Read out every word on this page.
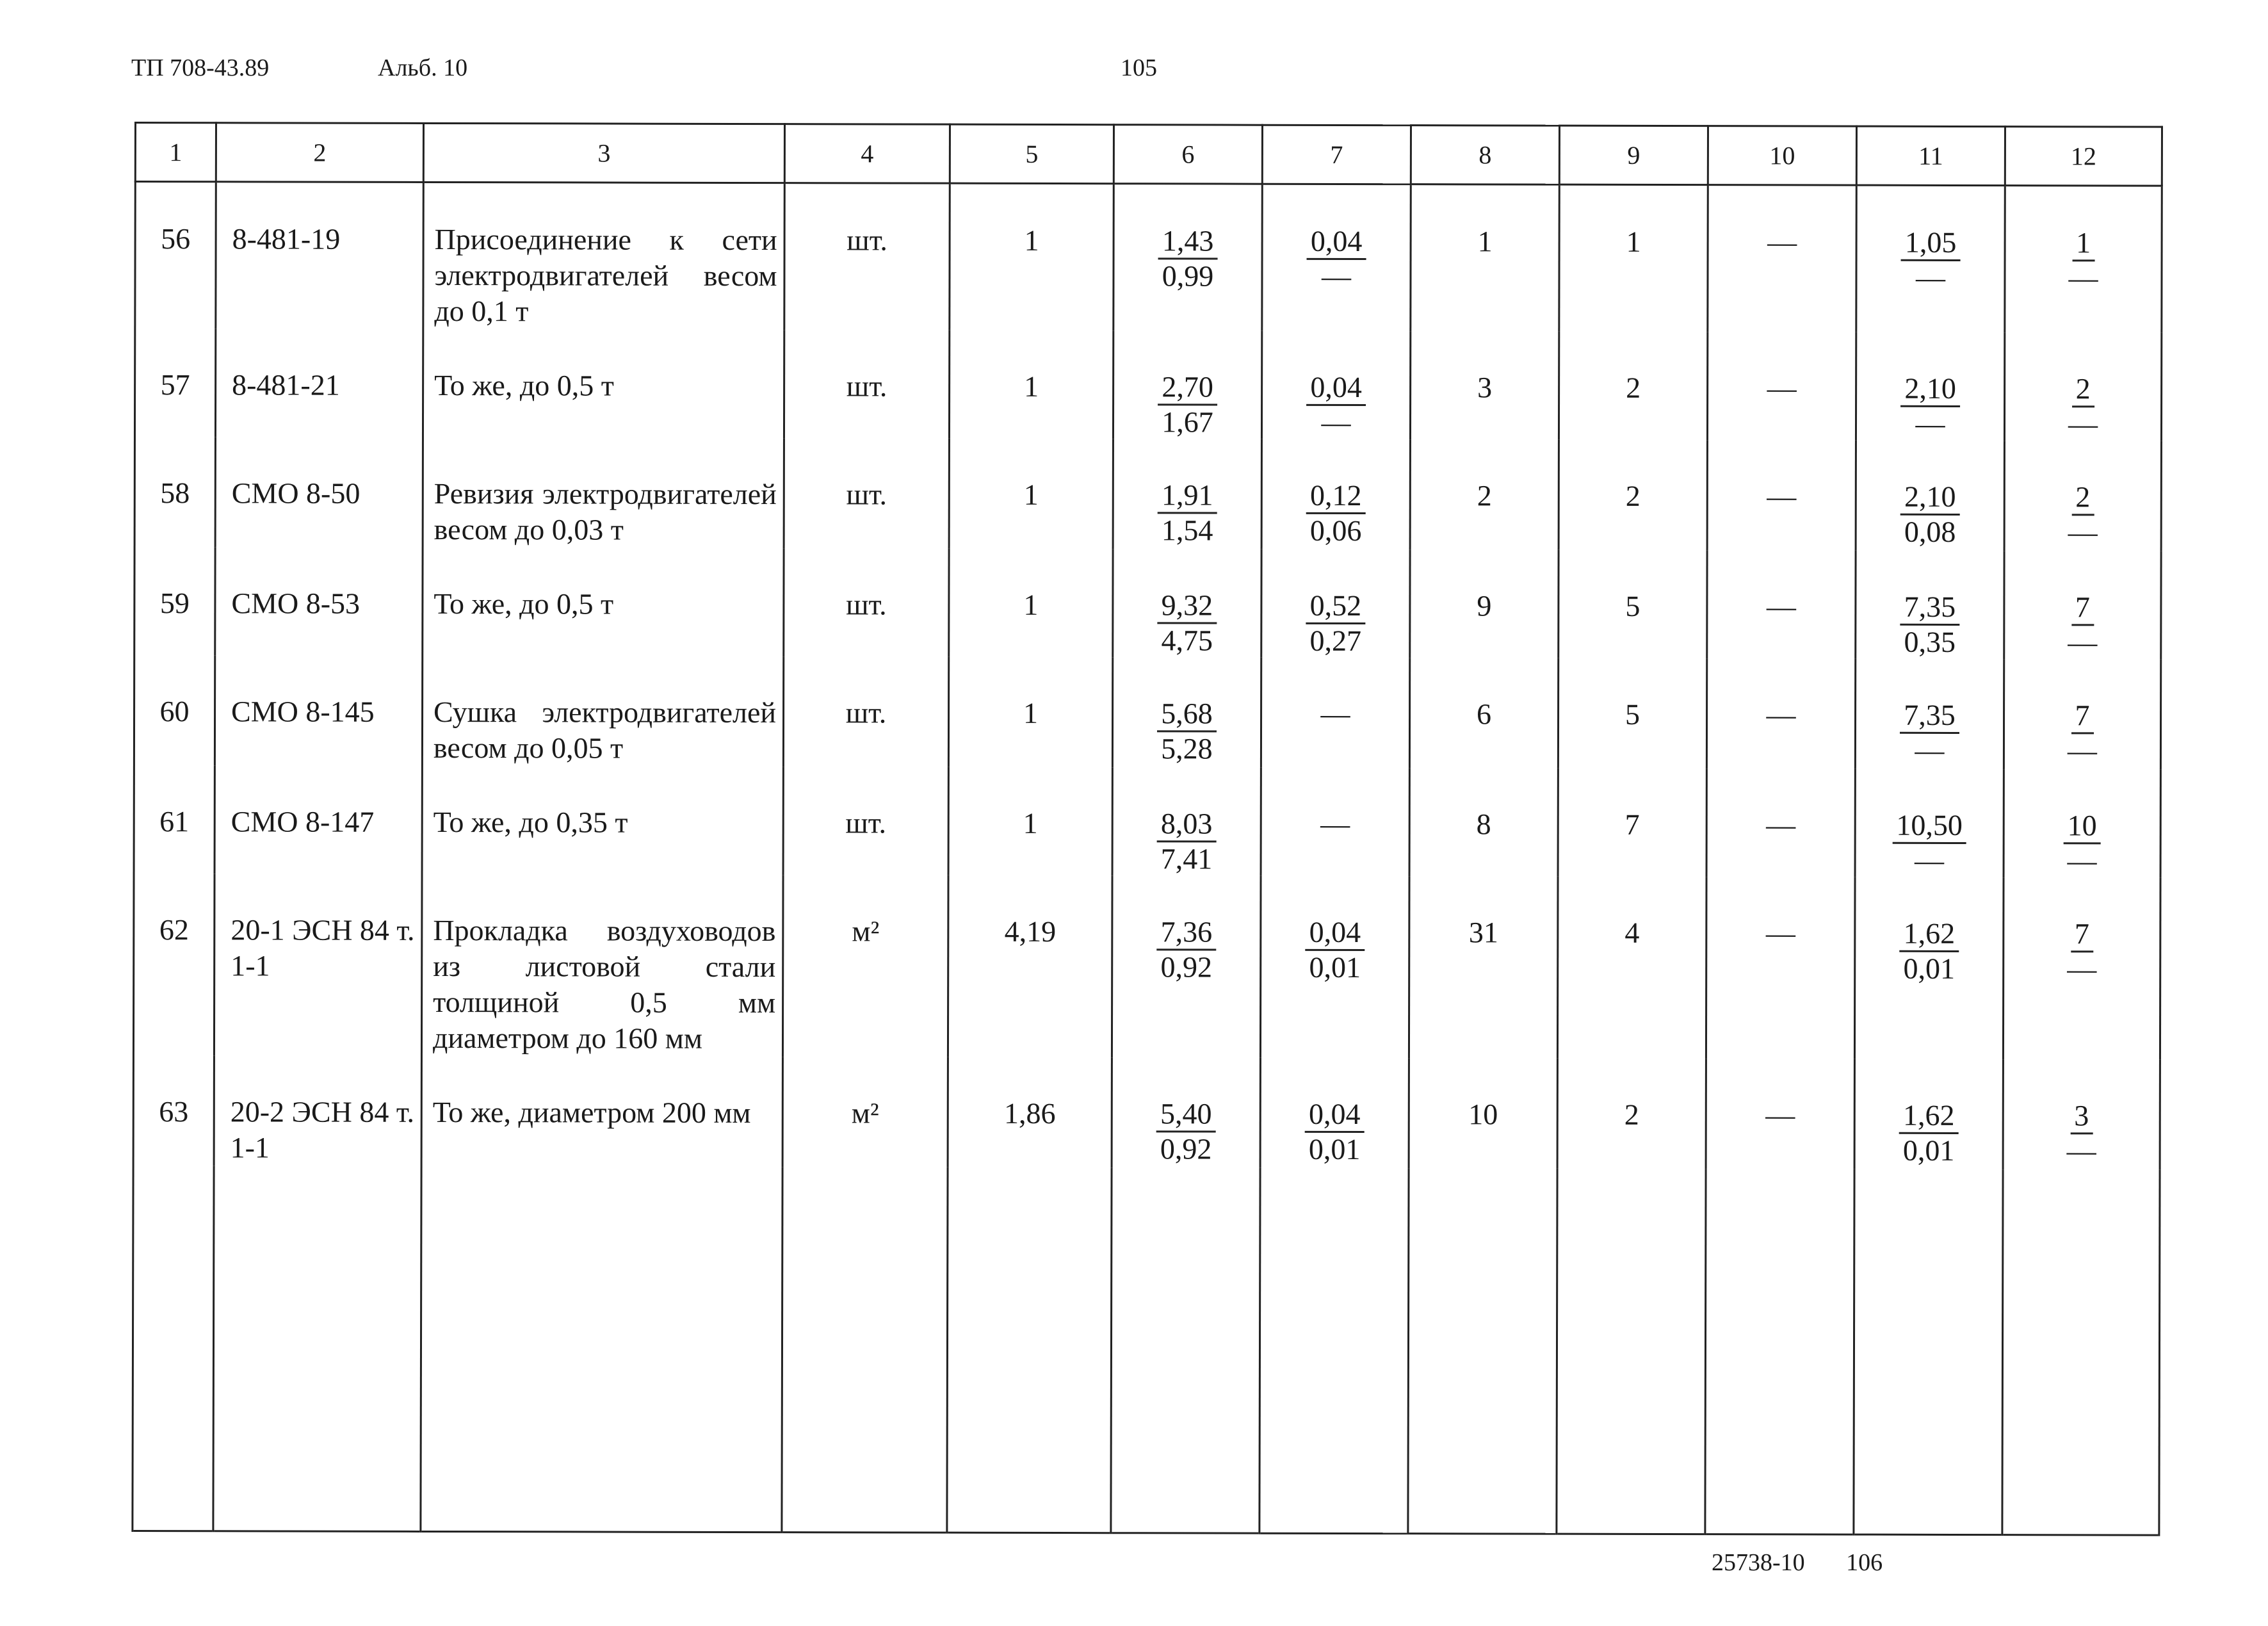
ТП 708-43.89	Альб. 10	105
1	2	3	4	5	6	7	8	9	10	11	12
56	8-481-19	Присоединение к сети электродвигателей весом до 0,1 т	шт.	1	$\frac{1,43}{0,99}$	$\frac{0,04}{—}$	1	1	—	$\frac{1,05}{—}$	$\frac{1}{—}$

57	8-481-21	То же, до 0,5 т	шт.	1	$\frac{2,70}{1,67}$	$\frac{0,04}{—}$	3	2	—	$\frac{2,10}{—}$	$\frac{2}{—}$

58	СМО 8-50	Ревизия электродвигателей весом до 0,03 т	шт.	1	$\frac{1,91}{1,54}$	$\frac{0,12}{0,06}$	2	2	—	$\frac{2,10}{0,08}$	$\frac{2}{—}$

59	СМО 8-53	То же, до 0,5 т	шт.	1	$\frac{9,32}{4,75}$	$\frac{0,52}{0,27}$	9	5	—	$\frac{7,35}{0,35}$	$\frac{7}{—}$

60	СМО 8-145	Сушка электродвигателей весом до 0,05 т	шт.	1	$\frac{5,68}{5,28}$	—	6	5	—	$\frac{7,35}{—}$	$\frac{7}{—}$

61	СМО 8-147	То же, до 0,35 т	шт.	1	$\frac{8,03}{7,41}$	—	8	7	—	$\frac{10,50}{—}$	$\frac{10}{—}$

62	20-1 ЭСН 84 т. 1-1	Прокладка воздуховодов из листовой стали толщиной 0,5 мм диаметром до 160 мм	м²	4,19	$\frac{7,36}{0,92}$	$\frac{0,04}{0,01}$	31	4	—	$\frac{1,62}{0,01}$	$\frac{7}{—}$

63	20-2 ЭСН 84 т. 1-1	То же, диаметром 200 мм	м²	1,86	$\frac{5,40}{0,92}$	$\frac{0,04}{0,01}$	10	2	—	$\frac{1,62}{0,01}$	$\frac{3}{—}$

25738-10 106
